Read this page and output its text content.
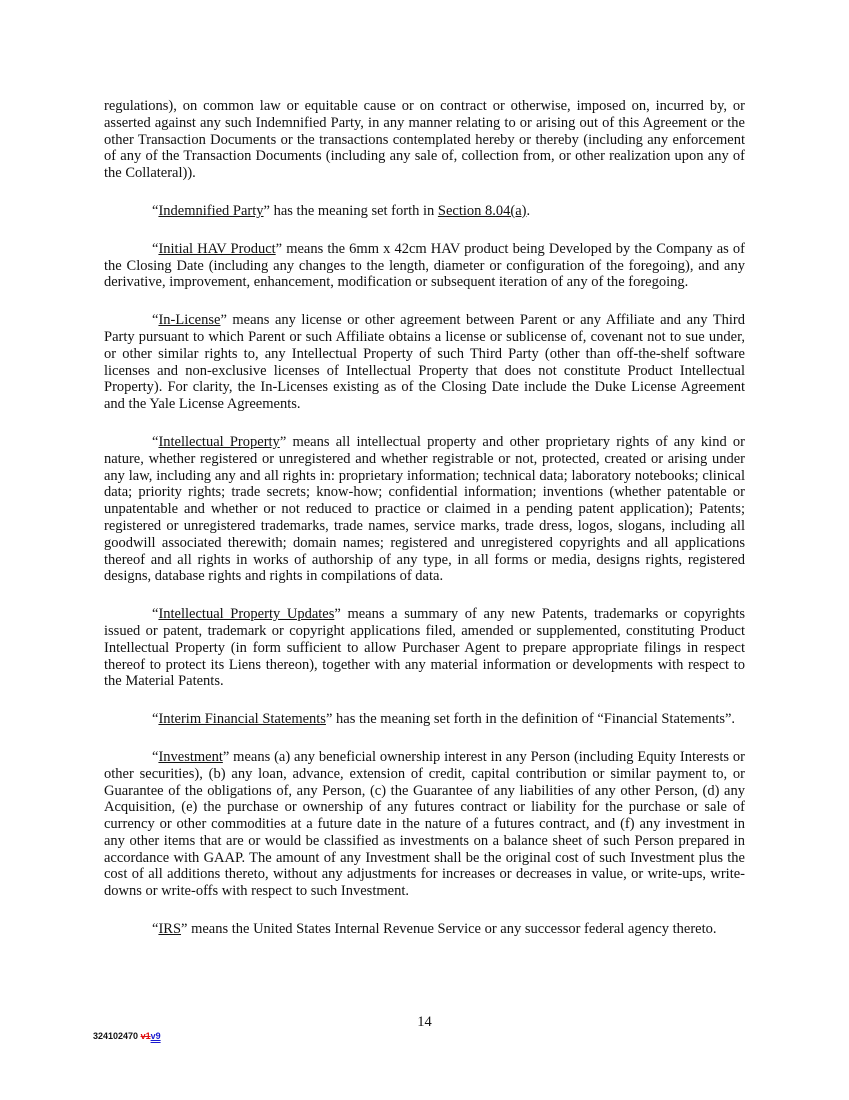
regulations), on common law or equitable cause or on contract or otherwise, imposed on, incurred by, or asserted against any such Indemnified Party, in any manner relating to or arising out of this Agreement or the other Transaction Documents or the transactions contemplated hereby or thereby (including any enforcement of any of the Transaction Documents (including any sale of, collection from, or other realization upon any of the Collateral)).

“Indemnified Party” has the meaning set forth in Section 8.04(a).

“Initial HAV Product” means the 6mm x 42cm HAV product being Developed by the Company as of the Closing Date (including any changes to the length, diameter or configuration of the foregoing), and any derivative, improvement, enhancement, modification or subsequent iteration of any of the foregoing.

“In-License” means any license or other agreement between Parent or any Affiliate and any Third Party pursuant to which Parent or such Affiliate obtains a license or sublicense of, covenant not to sue under, or other similar rights to, any Intellectual Property of such Third Party (other than off-the-shelf software licenses and non-exclusive licenses of Intellectual Property that does not constitute Product Intellectual Property). For clarity, the In-Licenses existing as of the Closing Date include the Duke License Agreement and the Yale License Agreements.

“Intellectual Property” means all intellectual property and other proprietary rights of any kind or nature, whether registered or unregistered and whether registrable or not, protected, created or arising under any law, including any and all rights in: proprietary information; technical data; laboratory notebooks; clinical data; priority rights; trade secrets; know-how; confidential information; inventions (whether patentable or unpatentable and whether or not reduced to practice or claimed in a pending patent application); Patents; registered or unregistered trademarks, trade names, service marks, trade dress, logos, slogans, including all goodwill associated therewith; domain names; registered and unregistered copyrights and all applications thereof and all rights in works of authorship of any type, in all forms or media, designs rights, registered designs, database rights and rights in compilations of data.

“Intellectual Property Updates” means a summary of any new Patents, trademarks or copyrights issued or patent, trademark or copyright applications filed, amended or supplemented, constituting Product Intellectual Property (in form sufficient to allow Purchaser Agent to prepare appropriate filings in respect thereof to protect its Liens thereon), together with any material information or developments with respect to the Material Patents.

“Interim Financial Statements” has the meaning set forth in the definition of “Financial Statements”.

“Investment” means (a) any beneficial ownership interest in any Person (including Equity Interests or other securities), (b) any loan, advance, extension of credit, capital contribution or similar payment to, or Guarantee of the obligations of, any Person, (c) the Guarantee of any liabilities of any other Person, (d) any Acquisition, (e) the purchase or ownership of any futures contract or liability for the purchase or sale of currency or other commodities at a future date in the nature of a futures contract, and (f) any investment in any other items that are or would be classified as investments on a balance sheet of such Person prepared in accordance with GAAP. The amount of any Investment shall be the original cost of such Investment plus the cost of all additions thereto, without any adjustments for increases or decreases in value, or write-ups, write-downs or write-offs with respect to such Investment.

“IRS” means the United States Internal Revenue Service or any successor federal agency thereto.

14
324102470 v1v9
